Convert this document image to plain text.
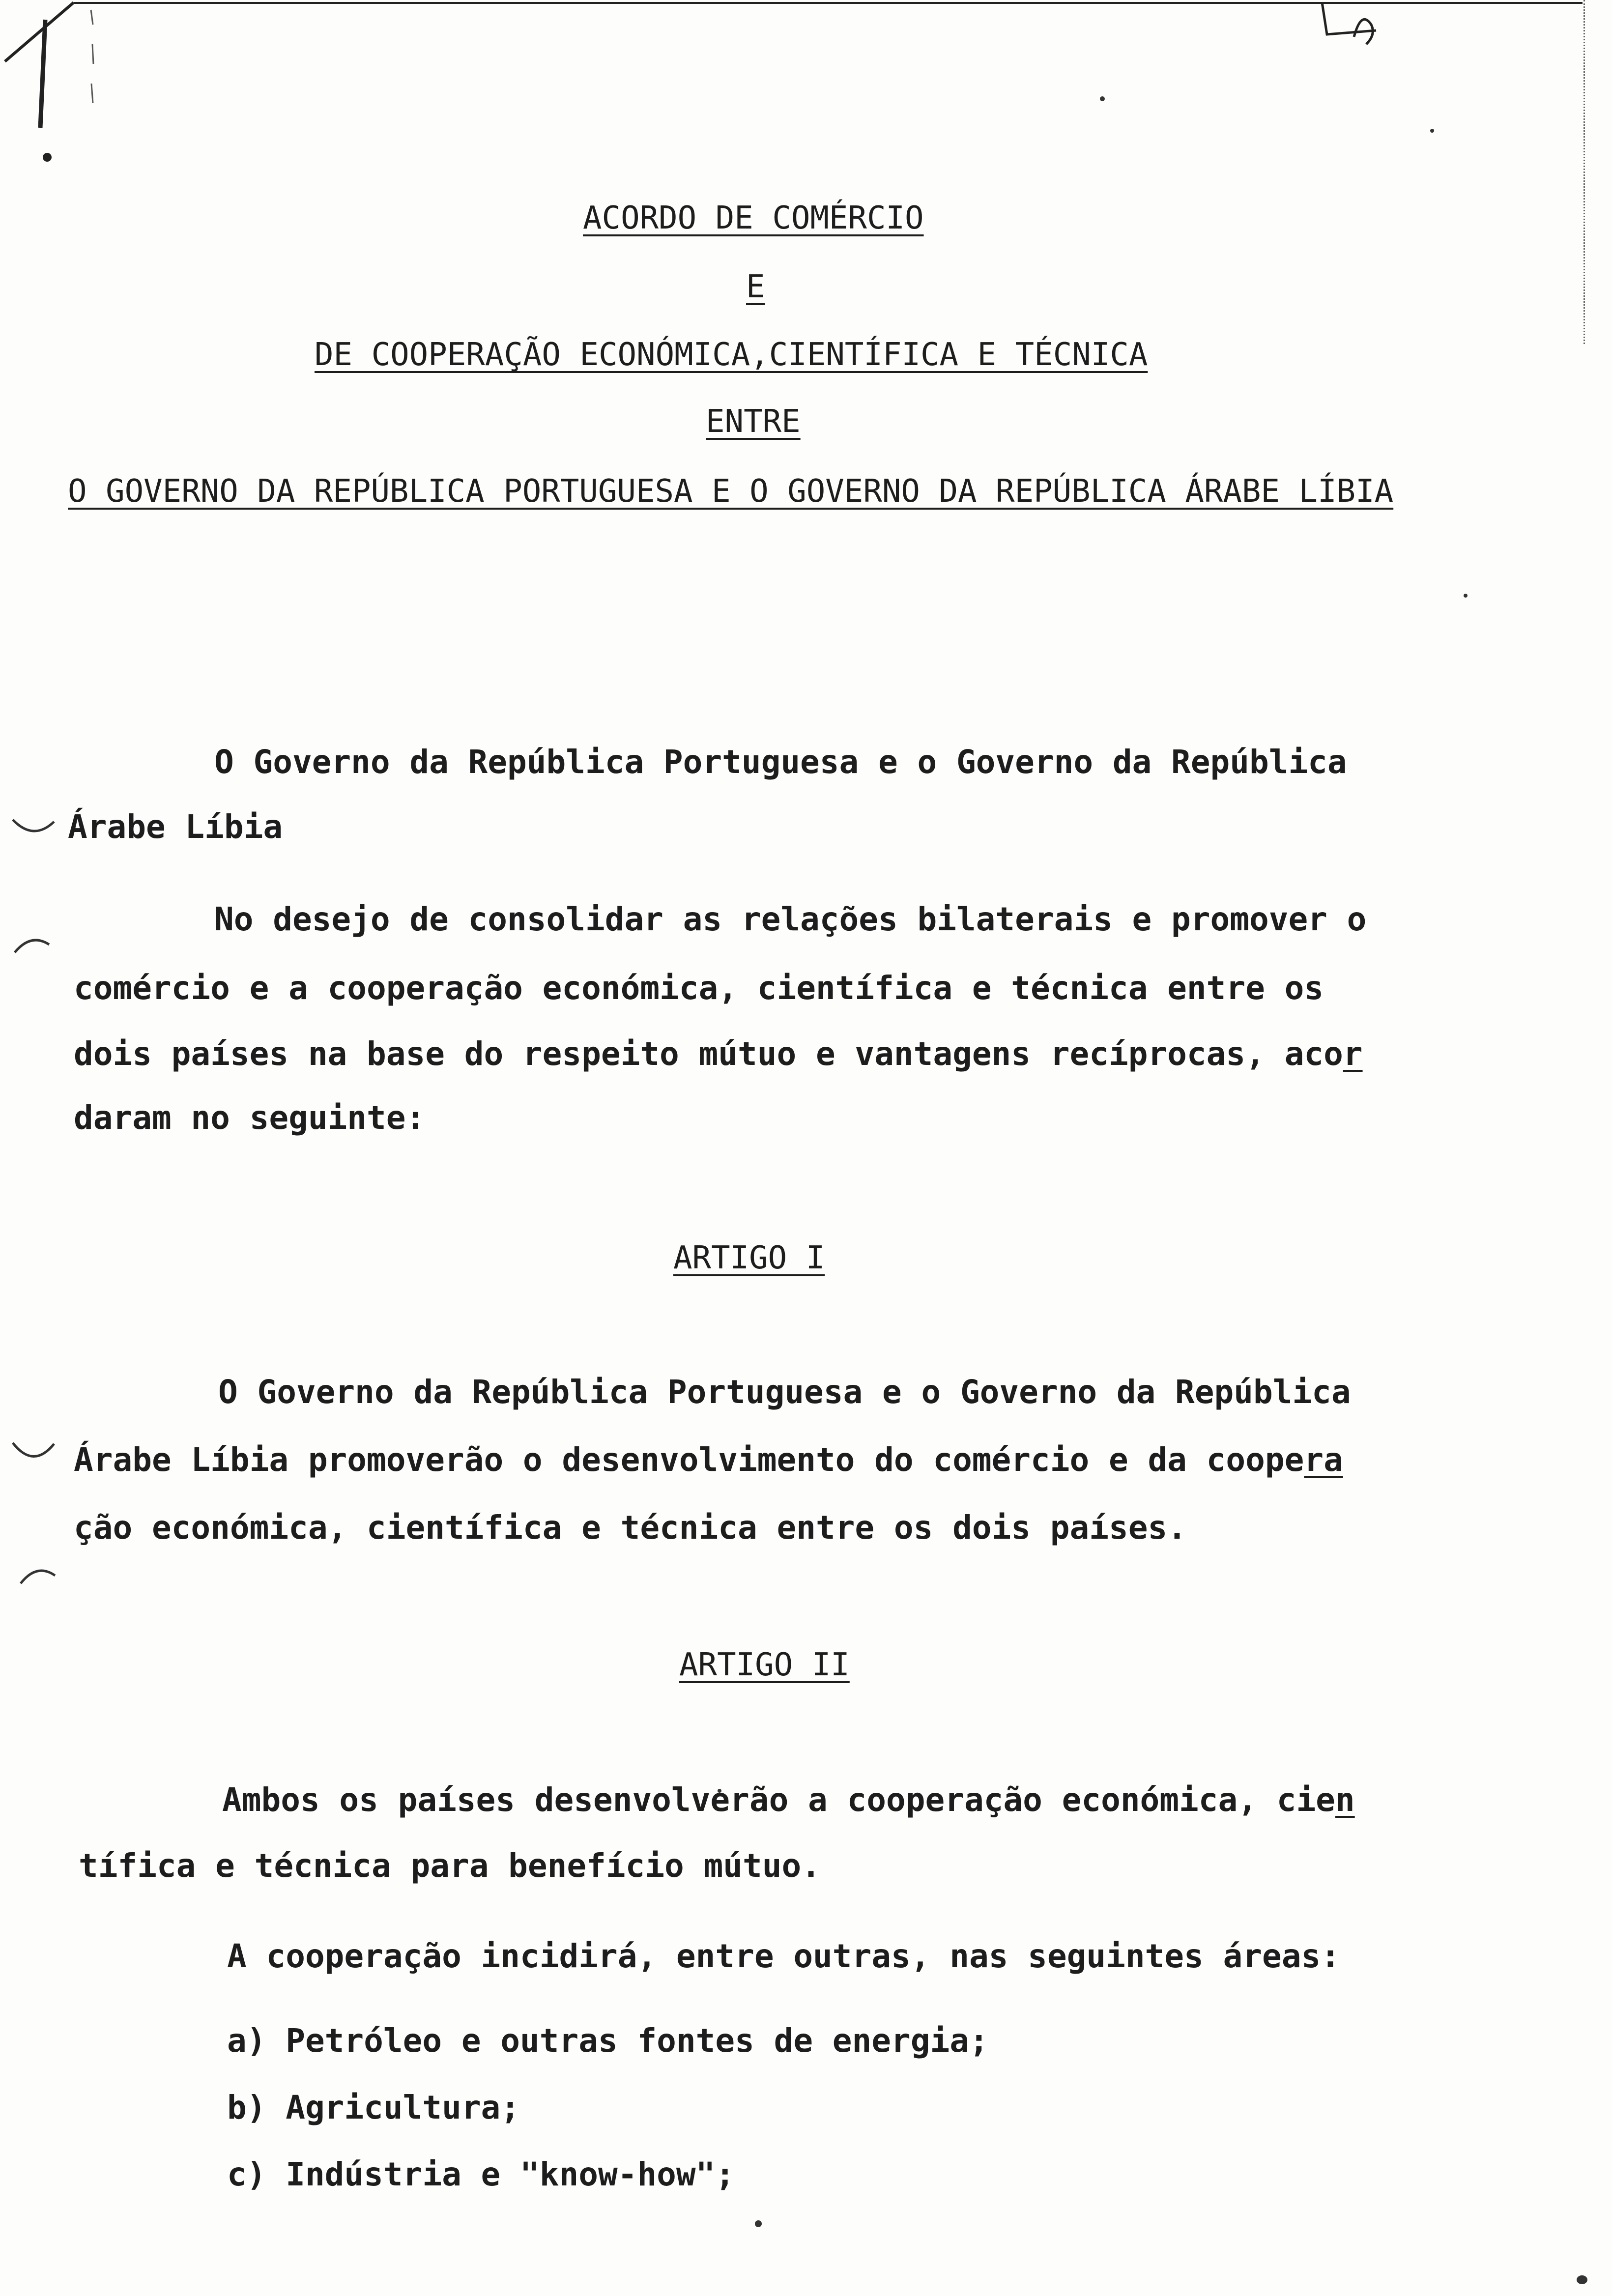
ACORDO DE COMÉRCIO
E
DE COOPERAÇÃO ECONÓMICA,CIENTÍFICA E TÉCNICA
ENTRE
O GOVERNO DA REPÚBLICA PORTUGUESA E O GOVERNO DA REPÚBLICA ÁRABE LÍBIA
O Governo da República Portuguesa e o Governo da República
Árabe Líbia
No desejo de consolidar as relações bilaterais e promover o
comércio e a cooperação económica, científica e técnica entre os
dois países na base do respeito mútuo e vantagens recíprocas, acor
daram no seguinte:
ARTIGO I
O Governo da República Portuguesa e o Governo da República
Árabe Líbia promoverão o desenvolvimento do comércio e da coopera
ção económica, científica e técnica entre os dois países.
ARTIGO II
Ambos os países desenvolverão a cooperação económica, cien
tífica e técnica para benefício mútuo.
A cooperação incidirá, entre outras, nas seguintes áreas:
a) Petróleo e outras fontes de energia;
b) Agricultura;
c) Indústria e "know-how";
